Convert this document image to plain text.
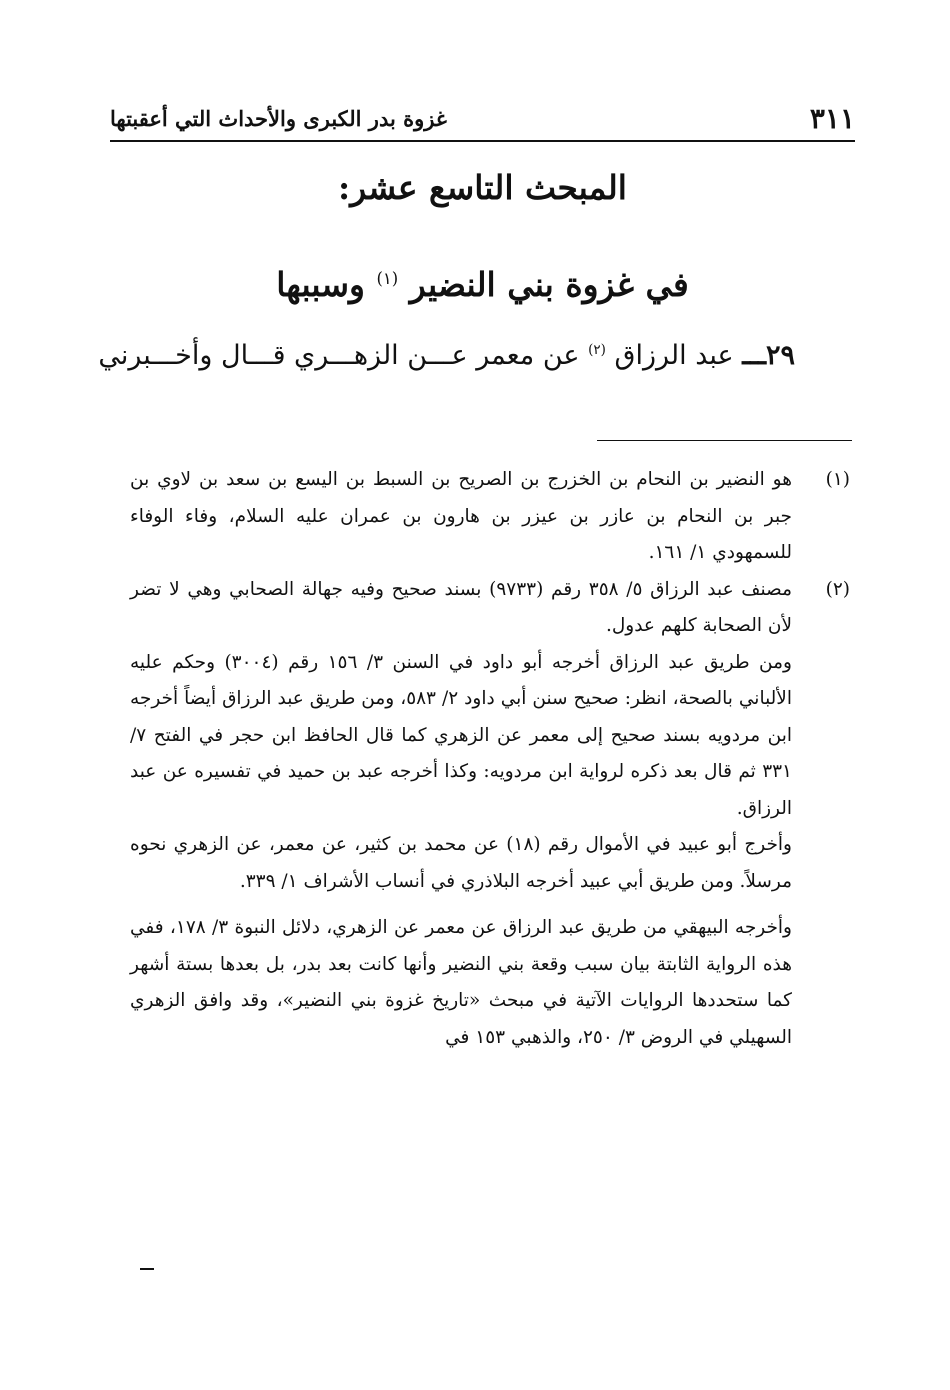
٣١١
غزوة بدر الكبرى والأحداث التي أعقبتها
المبحث التاسع عشر:
في غزوة بني النضير $^{(١)}$ وسببها
٢٩ـــ عبد الرزاق $^{(٢)}$ عن معمر عـــن الزهـــري قـــال وأخـــبرني

(١)
هو النضير بن النحام بن الخزرج بن الصريح بن السبط بن اليسع بن سعد بن لاوي بن جبر بن النحام بن عازر بن عيزر بن هارون بن عمران عليه السلام، وفاء الوفاء للسمهودي ١/ ١٦١.

(٢)
مصنف عبد الرزاق ٥/ ٣٥٨ رقم (٩٧٣٣) بسند صحيح وفيه جهالة الصحابي وهي لا تضر لأن الصحابة كلهم عدول.

ومن طريق عبد الرزاق أخرجه أبو داود في السنن ٣/ ١٥٦ رقم (٣٠٠٤) وحكم عليه الألباني بالصحة، انظر: صحيح سنن أبي داود ٢/ ٥٨٣، ومن طريق عبد الرزاق أيضاً أخرجه ابن مردويه بسند صحيح إلى معمر عن الزهري كما قال الحافظ ابن حجر في الفتح ٧/ ٣٣١ ثم قال بعد ذكره لرواية ابن مردويه: وكذا أخرجه عبد بن حميد في تفسيره عن عبد الرزاق.

وأخرج أبو عبيد في الأموال رقم (١٨) عن محمد بن كثير، عن معمر، عن الزهري نحوه مرسلاً. ومن طريق أبي عبيد أخرجه البلاذري في أنساب الأشراف ١/ ٣٣٩.

وأخرجه البيهقي من طريق عبد الرزاق عن معمر عن الزهري، دلائل النبوة ٣/ ١٧٨، ففي هذه الرواية الثابتة بيان سبب وقعة بني النضير وأنها كانت بعد بدر، بل بعدها بستة أشهر كما ستحددها الروايات الآتية في مبحث «تاريخ غزوة بني النضير»، وقد وافق الزهري السهيلي في الروض ٣/ ٢٥٠، والذهبي ١٥٣ في
